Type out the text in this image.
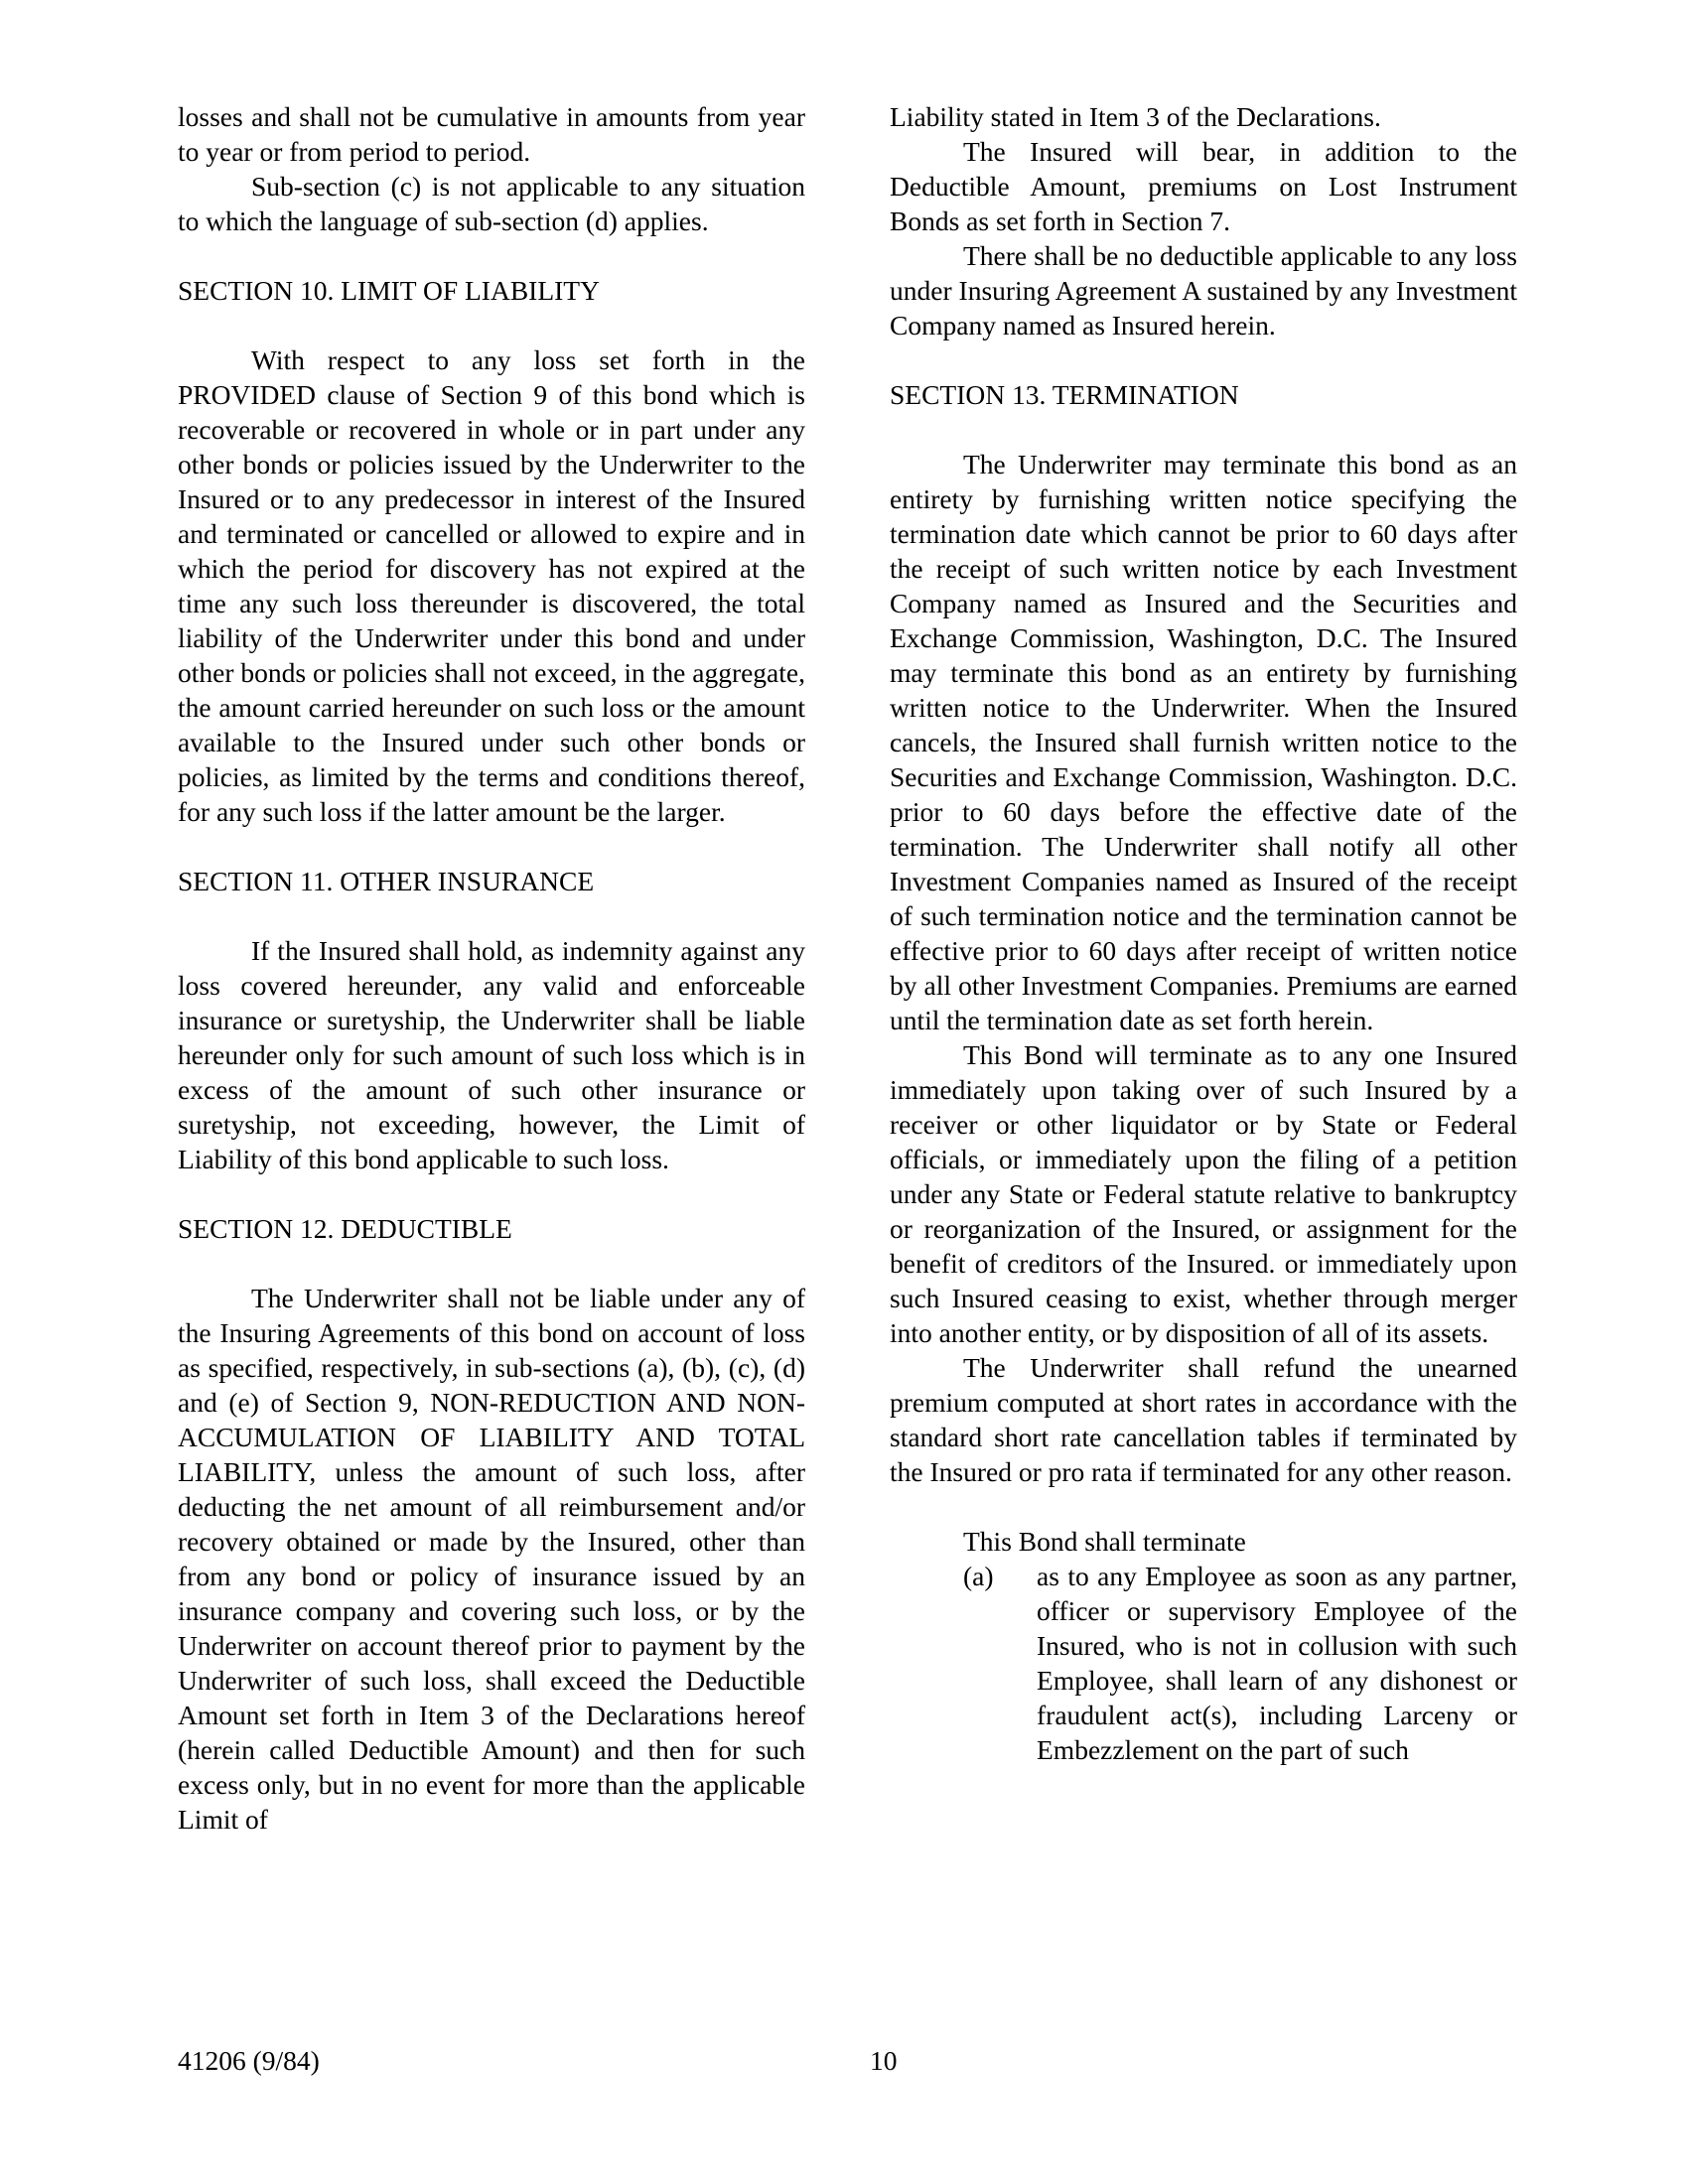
losses and shall not be cumulative in amounts from year to year or from period to period.

Sub-section (c) is not applicable to any situation to which the language of sub-section (d) applies.

SECTION 10. LIMIT OF LIABILITY

With respect to any loss set forth in the PROVIDED clause of Section 9 of this bond which is recoverable or recovered in whole or in part under any other bonds or policies issued by the Underwriter to the Insured or to any predecessor in interest of the Insured and terminated or cancelled or allowed to expire and in which the period for discovery has not expired at the time any such loss thereunder is discovered, the total liability of the Underwriter under this bond and under other bonds or policies shall not exceed, in the aggregate, the amount carried hereunder on such loss or the amount available to the Insured under such other bonds or policies, as limited by the terms and conditions thereof, for any such loss if the latter amount be the larger.

SECTION 11. OTHER INSURANCE

If the Insured shall hold, as indemnity against any loss covered hereunder, any valid and enforceable insurance or suretyship, the Underwriter shall be liable hereunder only for such amount of such loss which is in excess of the amount of such other insurance or suretyship, not exceeding, however, the Limit of Liability of this bond applicable to such loss.

SECTION 12. DEDUCTIBLE

The Underwriter shall not be liable under any of the Insuring Agreements of this bond on account of loss as specified, respectively, in sub-sections (a), (b), (c), (d) and (e) of Section 9, NON-REDUCTION AND NON-ACCUMULATION OF LIABILITY AND TOTAL LIABILITY, unless the amount of such loss, after deducting the net amount of all reimbursement and/or recovery obtained or made by the Insured, other than from any bond or policy of insurance issued by an insurance company and covering such loss, or by the Underwriter on account thereof prior to payment by the Underwriter of such loss, shall exceed the Deductible Amount set forth in Item 3 of the Declarations hereof (herein called Deductible Amount) and then for such excess only, but in no event for more than the applicable Limit of

Liability stated in Item 3 of the Declarations.

The Insured will bear, in addition to the Deductible Amount, premiums on Lost Instrument Bonds as set forth in Section 7.

There shall be no deductible applicable to any loss under Insuring Agreement A sustained by any Investment Company named as Insured herein.

SECTION 13. TERMINATION

The Underwriter may terminate this bond as an entirety by furnishing written notice specifying the termination date which cannot be prior to 60 days after the receipt of such written notice by each Investment Company named as Insured and the Securities and Exchange Commission, Washington, D.C. The Insured may terminate this bond as an entirety by furnishing written notice to the Underwriter. When the Insured cancels, the Insured shall furnish written notice to the Securities and Exchange Commission, Washington. D.C. prior to 60 days before the effective date of the termination. The Underwriter shall notify all other Investment Companies named as Insured of the receipt of such termination notice and the termination cannot be effective prior to 60 days after receipt of written notice by all other Investment Companies. Premiums are earned until the termination date as set forth herein.

This Bond will terminate as to any one Insured immediately upon taking over of such Insured by a receiver or other liquidator or by State or Federal officials, or immediately upon the filing of a petition under any State or Federal statute relative to bankruptcy or reorganization of the Insured, or assignment for the benefit of creditors of the Insured. or immediately upon such Insured ceasing to exist, whether through merger into another entity, or by disposition of all of its assets.

The Underwriter shall refund the unearned premium computed at short rates in accordance with the standard short rate cancellation tables if terminated by the Insured or pro rata if terminated for any other reason.

This Bond shall terminate

(a)	as to any Employee as soon as any partner, officer or supervisory Employee of the Insured, who is not in collusion with such Employee, shall learn of any dishonest or fraudulent act(s), including Larceny or Embezzlement on the part of such
41206 (9/84)	10
